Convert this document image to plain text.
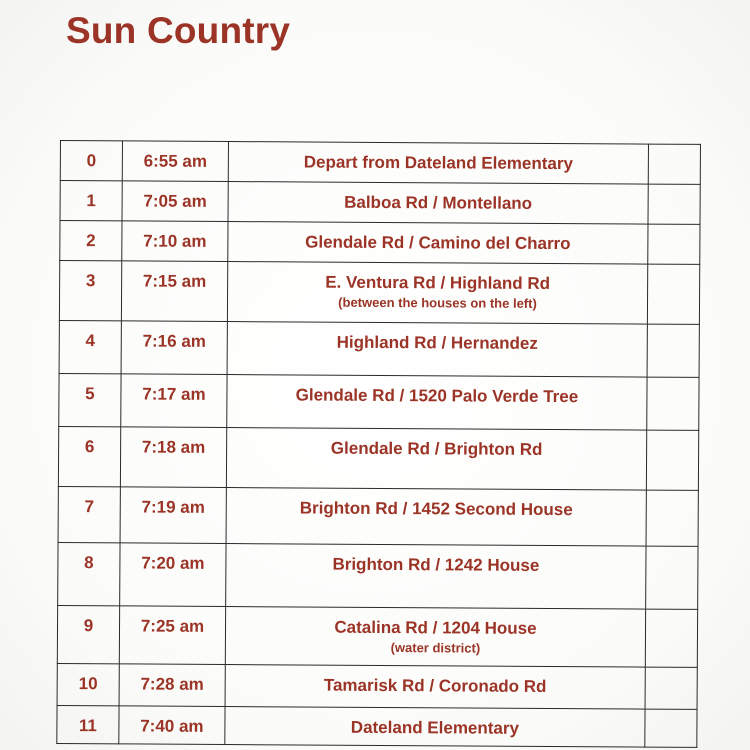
Sun Country
0	6:55 am	Depart from Dateland Elementary	
1	7:05 am	Balboa Rd / Montellano	
2	7:10 am	Glendale Rd / Camino del Charro	
3	7:15 am	E. Ventura Rd / Highland Rd
(between the houses on the left)	

4	7:16 am	Highland Rd / Hernandez	
5	7:17 am	Glendale Rd / 1520 Palo Verde Tree	
6	7:18 am	Glendale Rd / Brighton Rd	
7	7:19 am	Brighton Rd / 1452 Second House	
8	7:20 am	Brighton Rd / 1242 House	
9	7:25 am	Catalina Rd / 1204 House
(water district)	

10	7:28 am	Tamarisk Rd / Coronado Rd	
11	7:40 am	Dateland Elementary	
